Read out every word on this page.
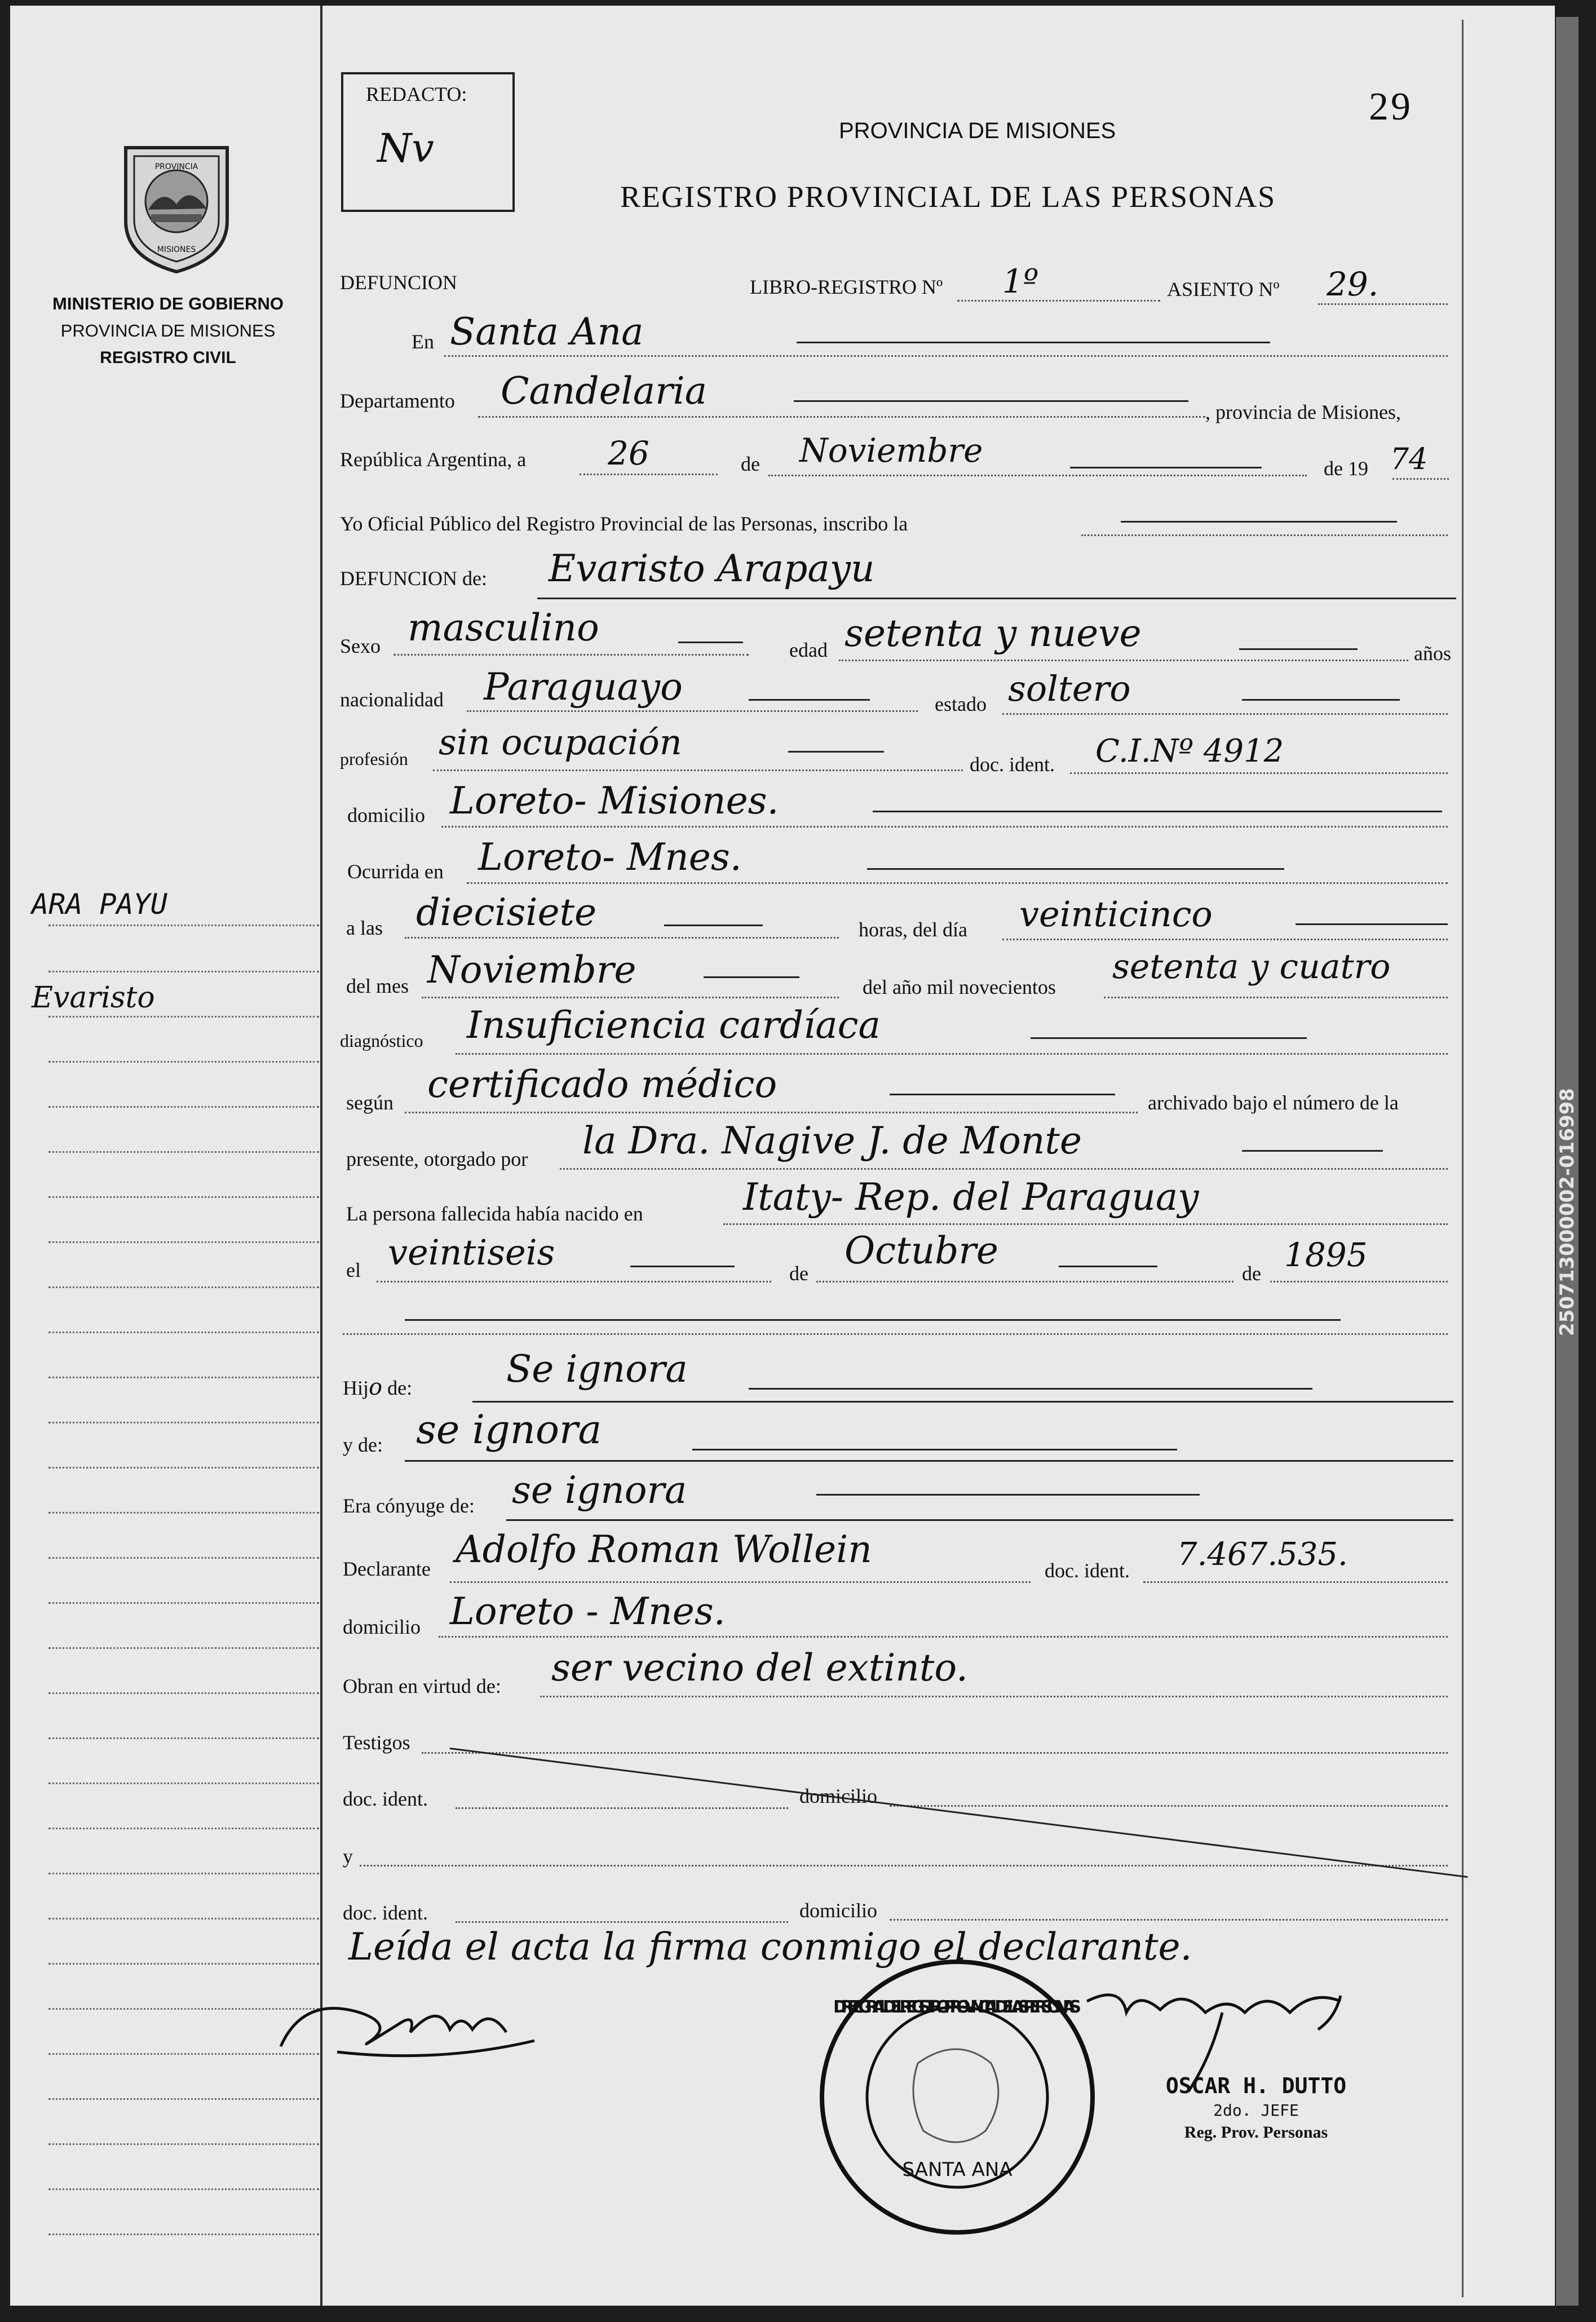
PROVINCIA
MISIONES
MINISTERIO DE GOBIERNO
PROVINCIA DE MISIONES
REGISTRO CIVIL
ARA PAYU
Evaristo
REDACTO:
Nv
29
PROVINCIA DE MISIONES
REGISTRO PROVINCIAL DE LAS PERSONAS
DEFUNCION	LIBRO-REGISTRO Nº 1º	ASIENTO Nº 29.
En Santa Ana
Departamento Candelaria	, provincia de Misiones,
República Argentina, a 26	de Noviembre	de 19 74
Yo Oficial Público del Registro Provincial de las Personas, inscribo la
DEFUNCION de: Evaristo Arapayu
Sexo masculino
edad setenta y nueve	años
nacionalidad Paraguayo	estado soltero
profesión sin ocupación
doc. ident. C.I.Nº 4912
domicilio Loreto- Misiones.
Ocurrida en Loreto- Mnes.
a las diecisiete	horas, del día veinticinco
del mes Noviembre	del año mil novecientos
setenta y cuatro
diagnóstico Insuficiencia cardíaca
según certificado médico	archivado bajo el número de la
presente, otorgado por la Dra. Nagive J. de Monte
La persona fallecida había nacido en	Itaty- Rep. del Paraguay
el veintiseis
de
Octubre
de 1895
Hijo de:	Se ignora
y de: se ignora
Era cónyuge de: se ignora
Declarante Adolfo Roman Wollein	doc. ident. 7.467.535.
domicilio Loreto - Mnes.
Obran en virtud de: ser vecino del extinto.
Testigos
doc. ident.	domicilio
y
doc. ident.	domicilio
Leída el acta la firma conmigo el declarante.
DIREC. GRAL. DEL REGISTRO PROVINCIAL DE LAS PERSONAS
SANTA ANA
OSCAR H. DUTTO
2do. JEFE
Reg. Prov. Personas
2507130000​02-016998
